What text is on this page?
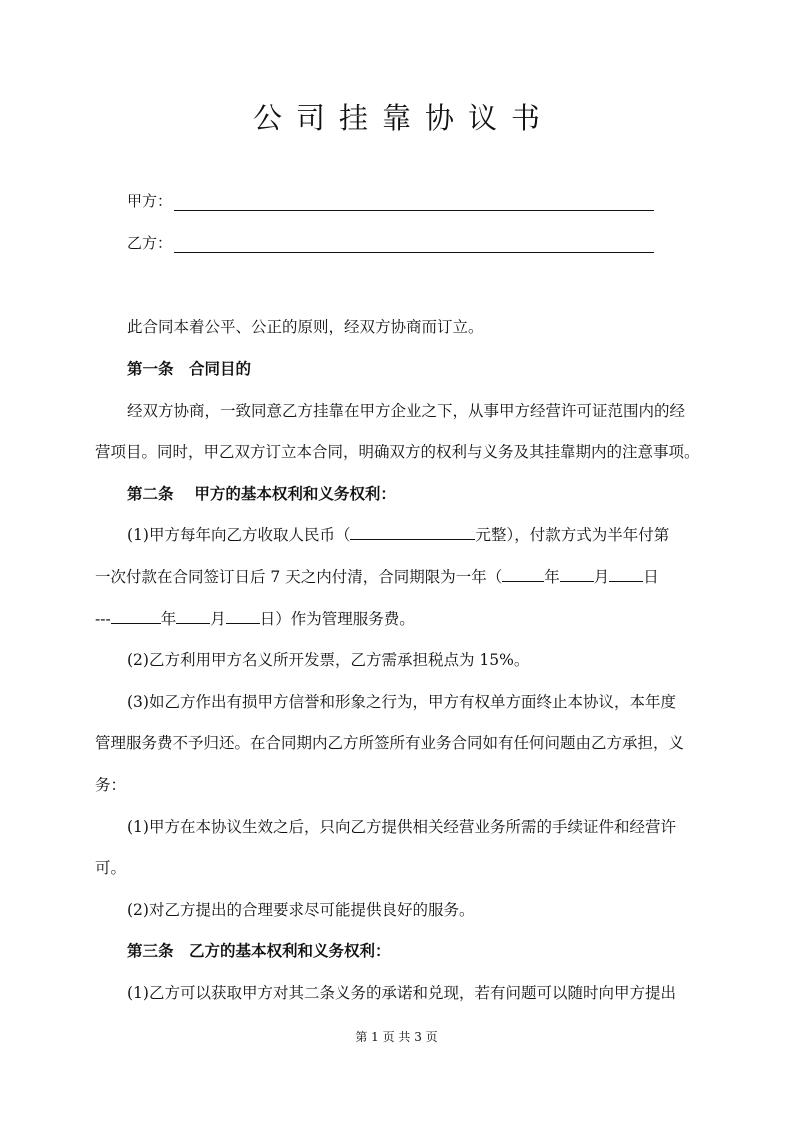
公司挂靠协议书
甲方：
乙方：
此合同本着公平、公正的原则，经双方协商而订立。
第一条　合同目的
经双方协商，一致同意乙方挂靠在甲方企业之下，从事甲方经营许可证范围内的经
营项目。同时，甲乙双方订立本合同，明确双方的权利与义务及其挂靠期内的注意事项。
第二条　 甲方的基本权利和义务权利：
(1)甲方每年向乙方收取人民币（	元整），付款方式为半年付第
一次付款在合同签订日后 7 天之内付清，合同期限为一年（	年 月 日
---	年 月 日）作为管理服务费。
(2)乙方利用甲方名义所开发票，乙方需承担税点为 15%。
(3)如乙方作出有损甲方信誉和形象之行为，甲方有权单方面终止本协议，本年度
管理服务费不予归还。在合同期内乙方所签所有业务合同如有任何问题由乙方承担，义
务：
(1)甲方在本协议生效之后，只向乙方提供相关经营业务所需的手续证件和经营许
可。
(2)对乙方提出的合理要求尽可能提供良好的服务。
第三条　乙方的基本权利和义务权利：
(1)乙方可以获取甲方对其二条义务的承诺和兑现，若有问题可以随时向甲方提出
第 1 页 共 3 页
